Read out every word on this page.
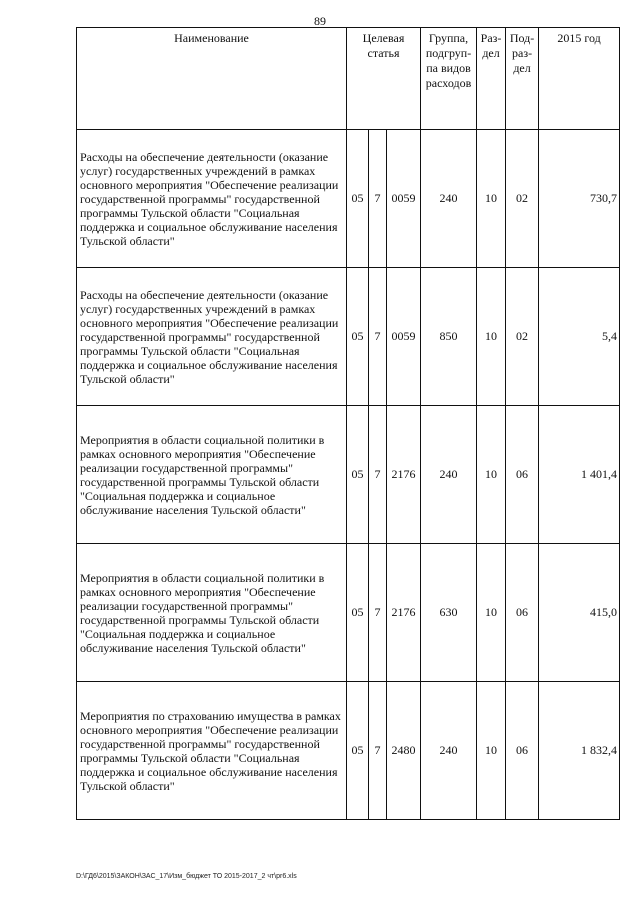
89
Наименование	Целевая статья			Группа, подгруп-па видов расходов	Раз-дел	Под-раз-дел	2015 год
Расходы на обеспечение деятельности (оказание услуг) государственных учреждений в рамках основного мероприятия "Обеспечение реализации государственной программы" государственной программы Тульской области "Социальная поддержка и социальное обслуживание населения Тульской области"	05	7	0059	240	10	02	730,7
Расходы на обеспечение деятельности (оказание услуг) государственных учреждений в рамках основного мероприятия "Обеспечение реализации государственной программы" государственной программы Тульской области "Социальная поддержка и социальное обслуживание населения Тульской области"	05	7	0059	850	10	02	5,4
Мероприятия в области социальной политики в рамках основного мероприятия "Обеспечение реализации государственной программы" государственной программы Тульской области "Социальная поддержка и социальное обслуживание населения Тульской области"	05	7	2176	240	10	06	1 401,4
Мероприятия в области социальной политики в рамках основного мероприятия "Обеспечение реализации государственной программы" государственной программы Тульской области "Социальная поддержка и социальное обслуживание населения Тульской области"	05	7	2176	630	10	06	415,0
Мероприятия по страхованию имущества в рамках основного мероприятия "Обеспечение реализации государственной программы" государственной программы Тульской области "Социальная поддержка и социальное обслуживание населения Тульской области"	05	7	2480	240	10	06	1 832,4
D:\ГД6\2015\ЗАКОН\ЗАС_17\Изм_бюджет ТО 2015-2017_2 чт\pr6.xls
